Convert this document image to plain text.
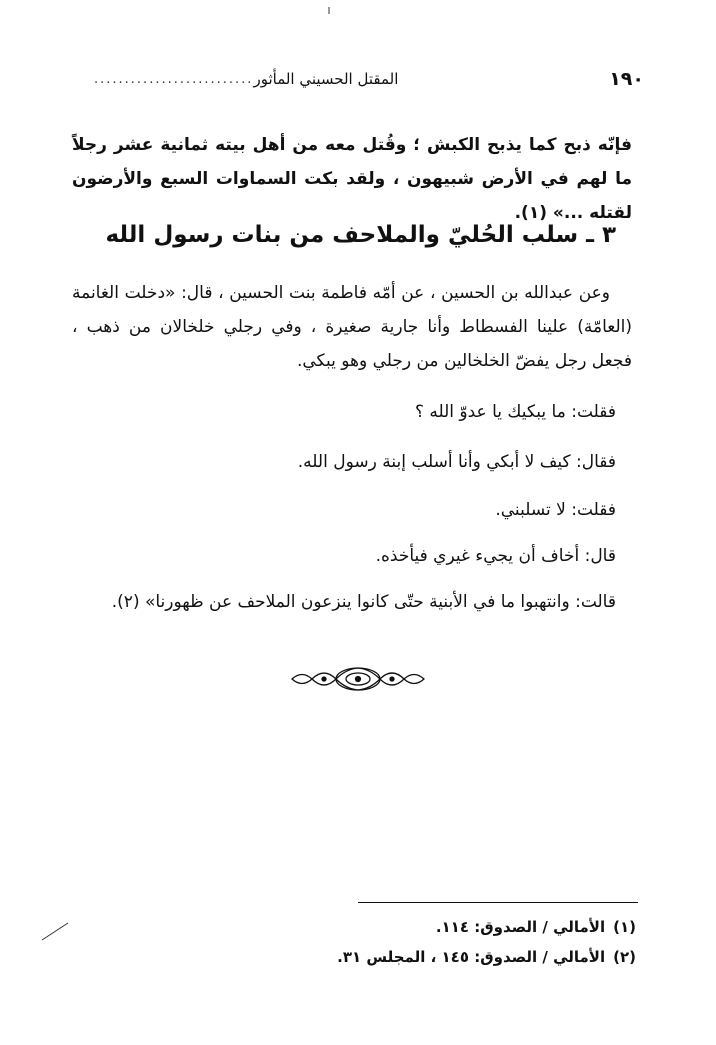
١٩٠
المقتل الحسيني المأثور
..........................
فإنّه ذبح كما يذبح الكبش ؛ وقُتل معه من أهل بيته ثمانية عشر رجلاً ما لهم في الأرض شبيهون ، ولقد بكت السماوات السبع والأرضون لقتله ...» (١).
٣ ـ سلب الحُليّ والملاحف من بنات رسول الله
وعن عبدالله بن الحسين ، عن أمّه فاطمة بنت الحسين ، قال: «دخلت الغانمة (العامّة) علينا الفسطاط وأنا جارية صغيرة ، وفي رجلي خلخالان من ذهب ، فجعل رجل يفضّ الخلخالين من رجلي وهو يبكي.
فقلت: ما يبكيك يا عدوّ الله ؟
فقال: كيف لا أبكي وأنا أسلب إبنة رسول الله.
فقلت: لا تسلبني.
قال: أخاف أن يجيء غيري فيأخذه.
قالت: وانتهبوا ما في الأبنية حتّى كانوا ينزعون الملاحف عن ظهورنا» (٢).
(١)
الأمالي / الصدوق: ١١٤.
(٢)
الأمالي / الصدوق: ١٤٥ ، المجلس ٣١.
